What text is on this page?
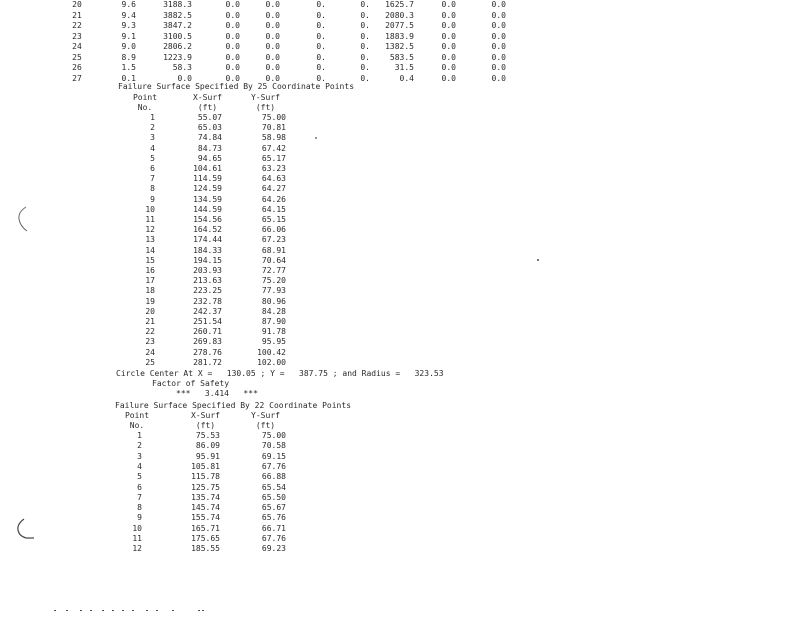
20	9.6	3188.3	0.0	0.0	0.	0.	1625.7	0.0	0.0
21	9.4	3882.5	0.0	0.0	0.	0.	2080.3	0.0	0.0
22	9.3	3847.2	0.0	0.0	0.	0.	2077.5	0.0	0.0
23	9.1	3100.5	0.0	0.0	0.	0.	1883.9	0.0	0.0
24	9.0	2806.2	0.0	0.0	0.	0.	1382.5	0.0	0.0
25	8.9	1223.9	0.0	0.0	0.	0.	583.5	0.0	0.0
26	1.5	58.3	0.0	0.0	0.	0.	31.5	0.0	0.0
27	0.1	0.0	0.0	0.0	0.	0.	0.4	0.0	0.0
Failure Surface Specified By 25 Coordinate Points
Point	X-Surf	Y-Surf
No.	(ft)	(ft)
1	55.07	75.00
2	65.03	70.81
3	74.84	58.98
4	84.73	67.42
5	94.65	65.17
6	104.61	63.23
7	114.59	64.63
8	124.59	64.27
9	134.59	64.26
10	144.59	64.15
11	154.56	65.15
12	164.52	66.06
13	174.44	67.23
14	184.33	68.91
15	194.15	70.64
16	203.93	72.77
17	213.63	75.20
18	223.25	77.93
19	232.78	80.96
20	242.37	84.28
21	251.54	87.90
22	260.71	91.78
23	269.83	95.95
24	278.76	100.42
25	281.72	102.00
Circle Center At X =   130.05 ; Y =   387.75 ; and Radius =   323.53
Factor of Safety
***   3.414   ***
Failure Surface Specified By 22 Coordinate Points
Point	X-Surf	Y-Surf
No.	(ft)	(ft)
1	75.53	75.00
2	86.09	70.58
3	95.91	69.15
4	105.81	67.76
5	115.78	66.88
6	125.75	65.54
7	135.74	65.50
8	145.74	65.67
9	155.74	65.76
10	165.71	66.71
11	175.65	67.76
12	185.55	69.23
